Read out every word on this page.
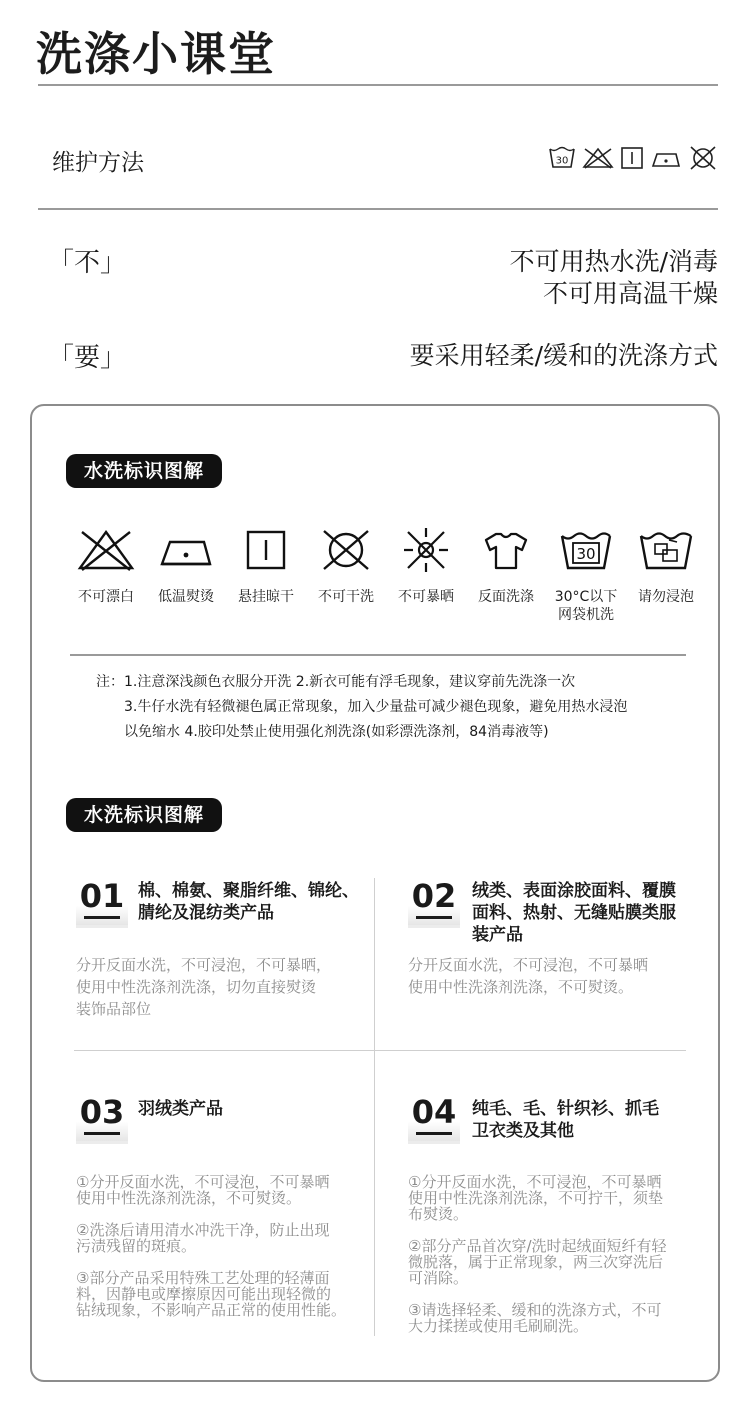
洗涤小课堂
维护方法	30
「不」	不可用热水洗/消毒
不可用高温干燥
「要」	要采用轻柔/缓和的洗涤方式
水洗标识图解
不可漂白 低温熨烫 悬挂晾干 不可干洗 不可暴晒 反面洗涤
30
30°C以下
网袋机洗
请勿浸泡
注：1.注意深浅颜色衣服分开洗 2.新衣可能有浮毛现象，建议穿前先洗涤一次
3.牛仔水洗有轻微褪色属正常现象，加入少量盐可减少褪色现象，避免用热水浸泡
以免缩水 4.胶印处禁止使用强化剂洗涤(如彩漂洗涤剂，84消毒液等)
水洗标识图解
01 棉、棉氨、聚脂纤维、锦纶、
腈纶及混纺类产品
分开反面水洗，不可浸泡，不可暴晒，
使用中性洗涤剂洗涤，切勿直接熨烫
装饰品部位
02 绒类、表面涂胶面料、覆膜
面料、热射、无缝贴膜类服
装产品
分开反面水洗，不可浸泡，不可暴晒
使用中性洗涤剂洗涤，不可熨烫。
03 羽绒类产品
①分开反面水洗，不可浸泡，不可暴晒
使用中性洗涤剂洗涤，不可熨烫。
②洗涤后请用清水冲洗干净，防止出现
污渍残留的斑痕。
③部分产品采用特殊工艺处理的轻薄面
料，因静电或摩擦原因可能出现轻微的
钻绒现象，不影响产品正常的使用性能。
04 纯毛、毛、针织衫、抓毛
卫衣类及其他
①分开反面水洗，不可浸泡，不可暴晒
使用中性洗涤剂洗涤，不可拧干，须垫
布熨烫。
②部分产品首次穿/洗时起绒面短纤有轻
微脱落，属于正常现象，两三次穿洗后
可消除。
③请选择轻柔、缓和的洗涤方式，不可
大力揉搓或使用毛刷刷洗。
